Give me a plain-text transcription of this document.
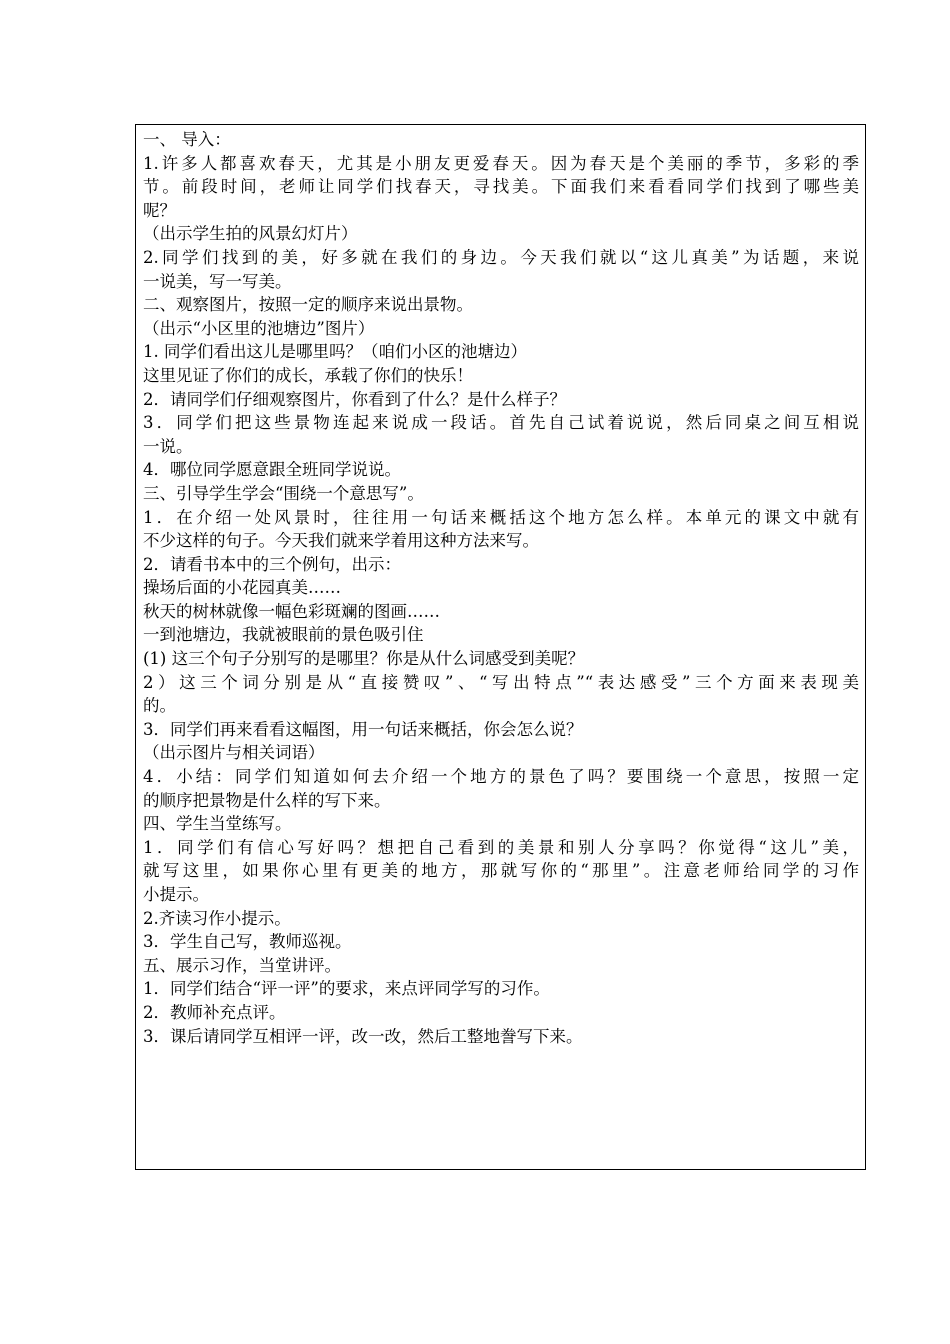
一、 导入：
1.许多人都喜欢春天，尤其是小朋友更爱春天。因为春天是个美丽的季节，多彩的季
节。前段时间，老师让同学们找春天，寻找美。下面我们来看看同学们找到了哪些美
呢？
（出示学生拍的风景幻灯片）
2.同学们找到的美，好多就在我们的身边。今天我们就以“这儿真美”为话题，来说
一说美，写一写美。
二、观察图片，按照一定的顺序来说出景物。
（出示“小区里的池塘边”图片）
1. 同学们看出这儿是哪里吗？（咱们小区的池塘边）
这里见证了你们的成长，承载了你们的快乐！
2．请同学们仔细观察图片，你看到了什么？是什么样子？
3．同学们把这些景物连起来说成一段话。首先自己试着说说，然后同桌之间互相说
一说。
4．哪位同学愿意跟全班同学说说。
三、引导学生学会“围绕一个意思写”。
1．在介绍一处风景时，往往用一句话来概括这个地方怎么样。本单元的课文中就有
不少这样的句子。今天我们就来学着用这种方法来写。
2．请看书本中的三个例句，出示：
操场后面的小花园真美……
秋天的树林就像一幅色彩斑斓的图画……
一到池塘边，我就被眼前的景色吸引住
(1) 这三个句子分别写的是哪里？你是从什么词感受到美呢？
2）这三个词分别是从“直接赞叹”、“写出特点”“表达感受”三个方面来表现美
的。
3．同学们再来看看这幅图，用一句话来概括，你会怎么说？
（出示图片与相关词语）
4．小结：同学们知道如何去介绍一个地方的景色了吗？要围绕一个意思，按照一定
的顺序把景物是什么样的写下来。
四、学生当堂练写。
1．同学们有信心写好吗？想把自己看到的美景和别人分享吗？你觉得“这儿”美，
就写这里，如果你心里有更美的地方，那就写你的“那里”。注意老师给同学的习作
小提示。
2.齐读习作小提示。
3．学生自己写，教师巡视。
五、展示习作，当堂讲评。
1．同学们结合“评一评”的要求，来点评同学写的习作。
2．教师补充点评。
3．课后请同学互相评一评，改一改，然后工整地誊写下来。
